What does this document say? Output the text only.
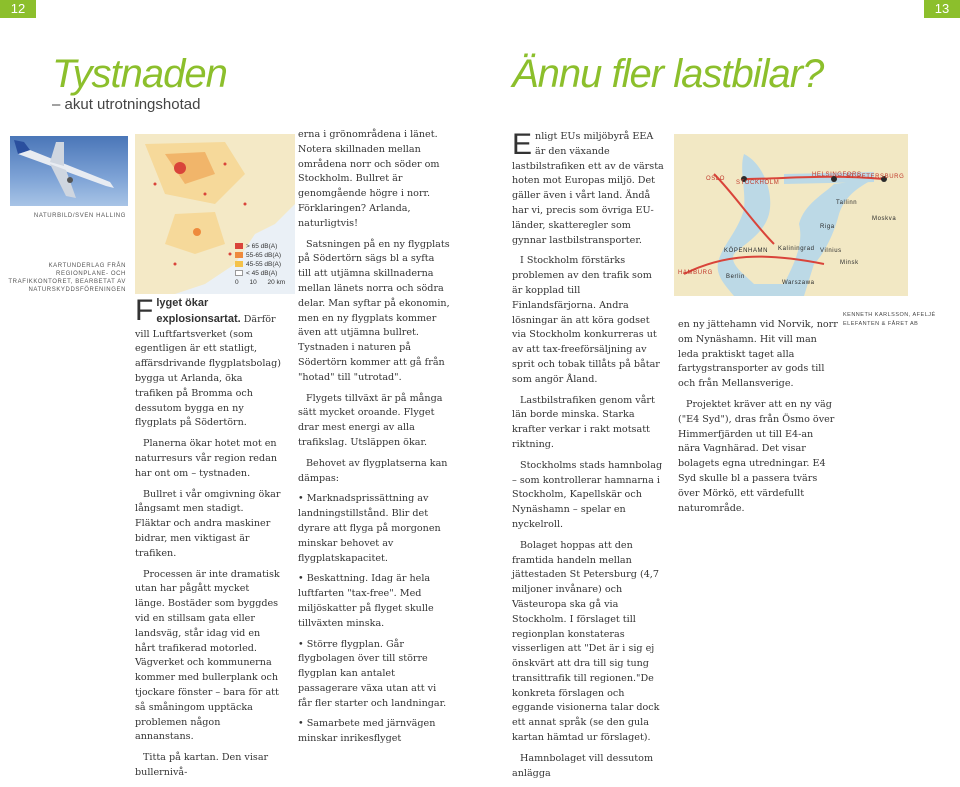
12	13
Tystnaden
– akut utrotningshotad
Ännu fler lastbilar?
NATURBILD/SVEN HALLING
KARTUNDERLAG FRÅN REGIONPLANE- OCH TRAFIKKONTORET, BEARBETAT AV NATURSKYDDSFÖRENINGEN
> 65 dB(A)
55-65 dB(A)
45-55 dB(A)
< 45 dB(A)
0      10      20 km

Flyget ökar explosionsartat. Därför vill Luftfartsverket (som egentligen är ett statligt, affärsdrivande flygplatsbolag) bygga ut Arlanda, öka trafiken på Bromma och dessutom bygga en ny flygplats på Södertörn.

Planerna ökar hotet mot en naturresurs vår region redan har ont om – tystnaden.

Bullret i vår omgivning ökar långsamt men stadigt. Fläktar och andra maskiner bidrar, men viktigast är trafiken.

Processen är inte dramatisk utan har pågått mycket länge. Bostäder som byggdes vid en stillsam gata eller landsväg, står idag vid en hårt trafikerad motorled. Vägverket och kommunerna kommer med bullerplank och tjockare fönster – bara för att så småningom upptäcka problemen någon annanstans.

Titta på kartan. Den visar bullernivå-

erna i grönområdena i länet. Notera skillnaden mellan områdena norr och söder om Stockholm. Bullret är genomgående högre i norr. Förklaringen? Arlanda, naturligtvis!

Satsningen på en ny flygplats på Södertörn sägs bl a syfta till att utjämna skillnaderna mellan länets norra och södra delar. Man syftar på ekonomin, men en ny flygplats kommer även att utjämna bullret. Tystnaden i naturen på Södertörn kommer att gå från "hotad" till "utrotad".

Flygets tillväxt är på många sätt mycket oroande. Flyget drar mest energi av alla trafikslag. Utsläppen ökar.

Behovet av flygplatserna kan dämpas:

• Marknadsprissättning av landningstillstånd. Blir det dyrare att flyga på morgonen minskar behovet av flygplatskapacitet.

• Beskattning. Idag är hela luftfarten "tax-free". Med miljöskatter på flyget skulle tillväxten minska.

• Större flygplan. Går flygbolagen över till större flygplan kan antalet passagerare växa utan att vi får fler starter och landningar.

• Samarbete med järnvägen minskar inrikesflyget

Enligt EUs miljöbyrå EEA är den växande lastbilstrafiken ett av de värsta hoten mot Europas miljö. Det gäller även i vårt land. Ändå har vi, precis som övriga EU-länder, skatteregler som gynnar lastbilstransporter.

I Stockholm förstärks problemen av den trafik som är kopplad till Finlandsfärjorna. Andra lösningar än att köra godset via Stockholm konkurreras ut av att tax-freeförsäljning av sprit och tobak tillåts på båtar som angör Åland.

Lastbilstrafiken genom vårt län borde minska. Starka krafter verkar i rakt motsatt riktning.

Stockholms stads hamnbolag – som kontrollerar hamnarna i Stockholm, Kapellskär och Nynäshamn – spelar en nyckelroll.

Bolaget hoppas att den framtida handeln mellan jättestaden St Petersburg (4,7 miljoner invånare) och Västeuropa ska gå via Stockholm. I förslaget till regionplan konstateras visserligen att "Det är i sig ej önskvärt att dra till sig tung transittrafik till regionen."De konkreta förslagen och eggande visionerna talar dock ett annat språk (se den gula kartan hämtad ur förslaget).

Hamnbolaget vill dessutom anlägga

OSLO
STOCKHOLM
HELSINGFORS
ST PETERSBURG
Tallinn
Moskva
Riga
KÖPENHAMN Kaliningrad Vilnius
Minsk
HAMBURG
Berlin
Warszawa

en ny jättehamn vid Norvik, norr om Nynäshamn. Hit vill man leda praktiskt taget alla fartygstransporter av gods till och från Mellansverige.

Projektet kräver att en ny väg ("E4 Syd"), dras från Ösmo över Himmerfjärden ut till E4-an nära Vagnhärad. Det visar bolagets egna utredningar. E4 Syd skulle bl a passera tvärs över Mörkö, ett värdefullt naturområde.

KENNETH KARLSSON, AFELJÉ ELEFANTEN & FÅRET AB
